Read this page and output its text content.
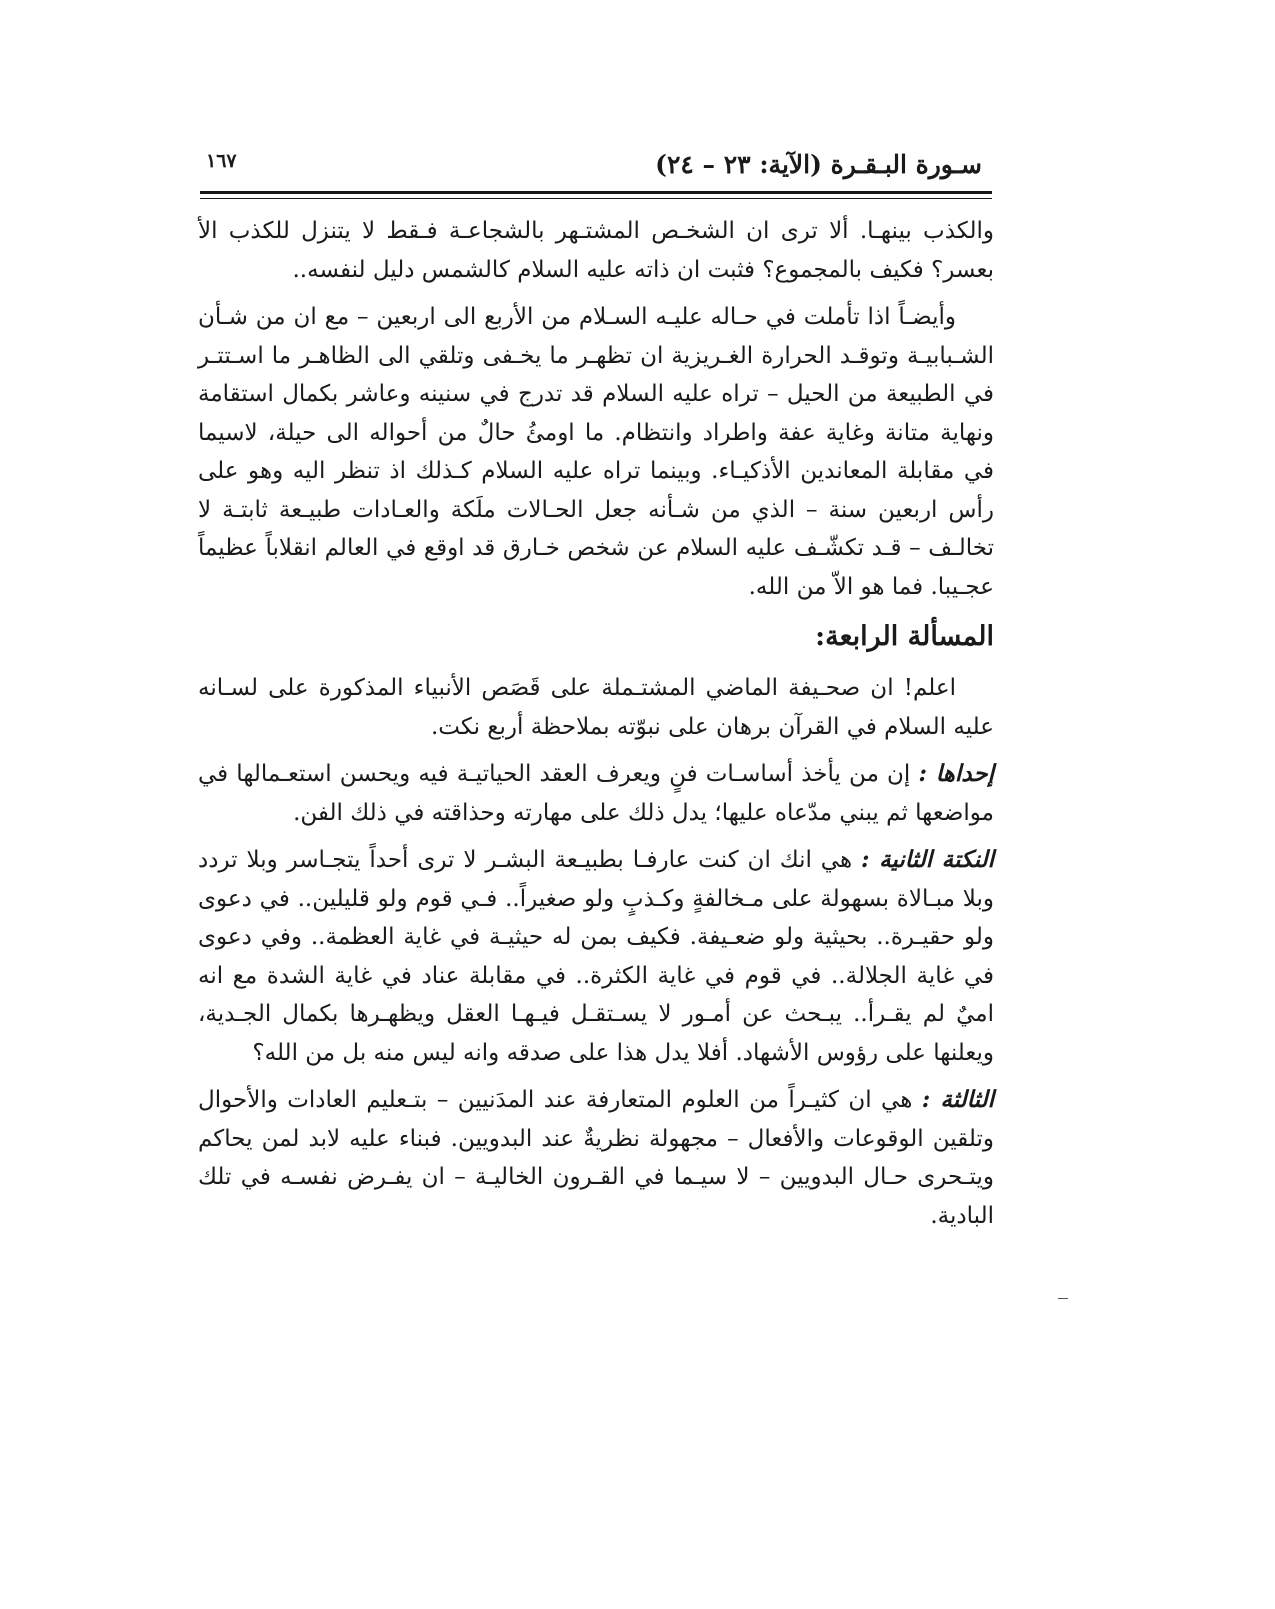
١٦٧	سـورة البـقـرة (الآية: ٢٣ – ٢٤)

والكذب بينهـا. ألا ترى ان الشخـص المشتـهر بالشجاعـة فـقط لا يتنزل للكذب الأ بعسر؟ فكيف بالمجموع؟ فثبت ان ذاته عليه السلام كالشمس دليل لنفسه..

وأيضـاً اذا تأملت في حـاله عليـه السـلام من الأربع الى اربعين – مع ان من شـأن الشـبابيـة وتوقـد الحرارة الغـريزية ان تظهـر ما يخـفى وتلقي الى الظاهـر ما اسـتتـر في الطبيعة من الحيل – تراه عليه السلام قد تدرج في سنينه وعاشر بكمال استقامة ونهاية متانة وغاية عفة واطراد وانتظام. ما اومئُ حالٌ من أحواله الى حيلة، لاسيما في مقابلة المعاندين الأذكيـاء. وبينما تراه عليه السلام كـذلك اذ تنظر اليه وهو على رأس اربعين سنة – الذي من شـأنه جعل الحـالات ملَكة والعـادات طبيـعة ثابتـة لا تخالـف – قـد تكشّـف عليه السلام عن شخص خـارق قد اوقع في العالم انقلاباً عظيماً عجـيبا. فما هو الاّ من الله.

المسألة الرابعة:

اعلم! ان صحـيفة الماضي المشتـملة على قَصَص الأنبياء المذكورة على لسـانه عليه السلام في القرآن برهان على نبوّته بملاحظة أربع نكت.

إحداها : إن من يأخذ أساسـات فنٍ ويعرف العقد الحياتيـة فيه ويحسن استعـمالها في مواضعها ثم يبني مدّعاه عليها؛ يدل ذلك على مهارته وحذاقته في ذلك الفن.

النكتة الثانية : هي انك ان كنت عارفـا بطبيـعة البشـر لا ترى أحداً يتجـاسر وبلا تردد وبلا مبـالاة بسهولة على مـخالفةٍ وكـذبٍ ولو صغيراً.. فـي قوم ولو قليلين.. في دعوى ولو حقيـرة.. بحيثية ولو ضعـيفة. فكيف بمن له حيثيـة في غاية العظمة.. وفي دعوى في غاية الجلالة.. في قوم في غاية الكثرة.. في مقابلة عناد في غاية الشدة مع انه اميٌ لم يقـرأ.. يبـحث عن أمـور لا يسـتقـل فيـهـا العقل ويظهـرها بكمال الجـدية، ويعلنها على رؤوس الأشهاد. أفلا يدل هذا على صدقه وانه ليس منه بل من الله؟

الثالثة : هي ان كثيـراً من العلوم المتعارفة عند المدَنيين – بتـعليم العادات والأحوال وتلقين الوقوعات والأفعال – مجهولة نظريةٌ عند البدويين. فبناء عليه لابد لمن يحاكم ويتـحرى حـال البدويين – لا سيـما في القـرون الخاليـة – ان يفـرض نفسـه في تلك البادية.
